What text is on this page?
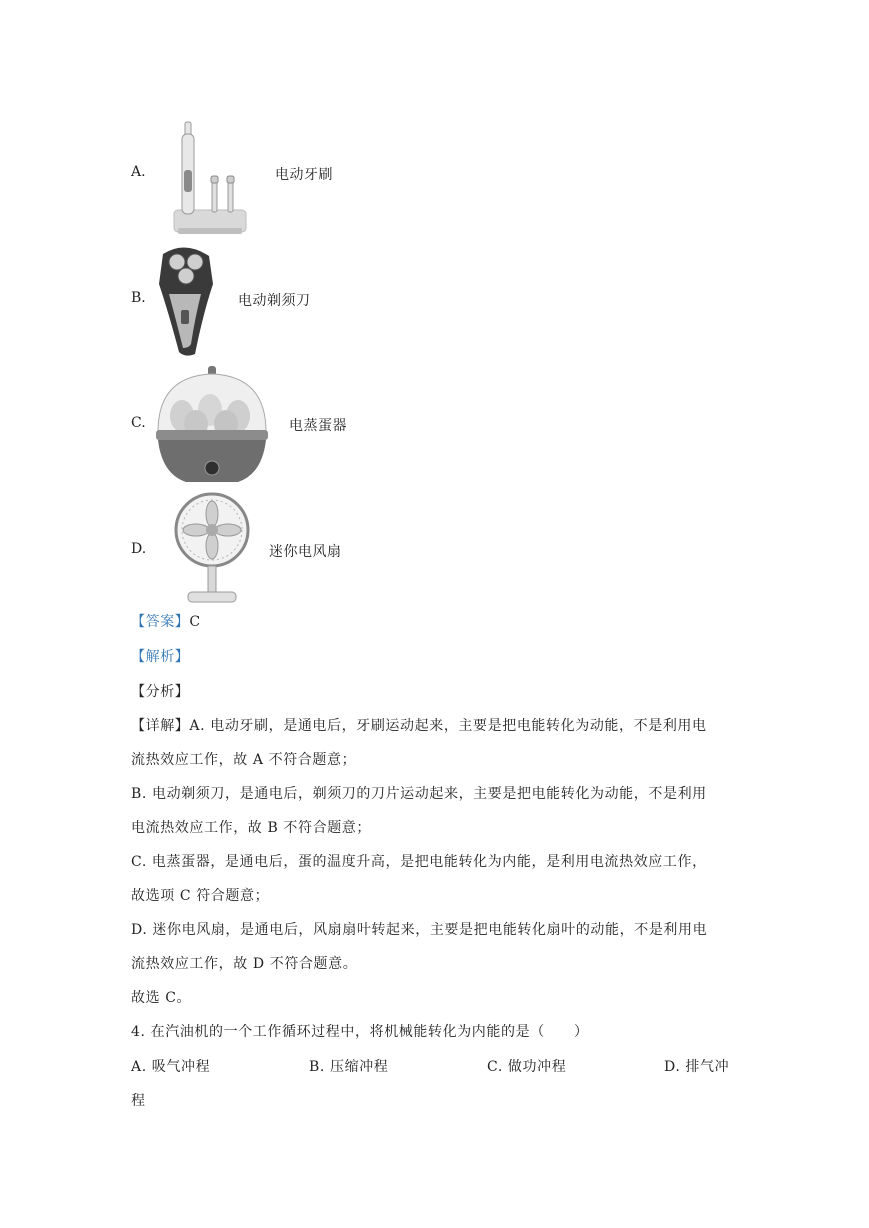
A.	电动牙刷
B.	电动剃须刀
C.	电蒸蛋器
D.	迷你电风扇
【答案】C
【解析】
【分析】
【详解】A. 电动牙刷，是通电后，牙刷运动起来，主要是把电能转化为动能，不是利用电
流热效应工作，故 A 不符合题意；
B. 电动剃须刀，是通电后，剃须刀的刀片运动起来，主要是把电能转化为动能，不是利用
电流热效应工作，故 B 不符合题意；
C. 电蒸蛋器，是通电后，蛋的温度升高，是把电能转化为内能，是利用电流热效应工作，
故选项 C 符合题意；
D. 迷你电风扇，是通电后，风扇扇叶转起来，主要是把电能转化扇叶的动能，不是利用电
流热效应工作，故 D 不符合题意。
故选 C。
4. 在汽油机的一个工作循环过程中，将机械能转化为内能的是（　　）
A. 吸气冲程	B. 压缩冲程	C. 做功冲程	D. 排气冲
程
